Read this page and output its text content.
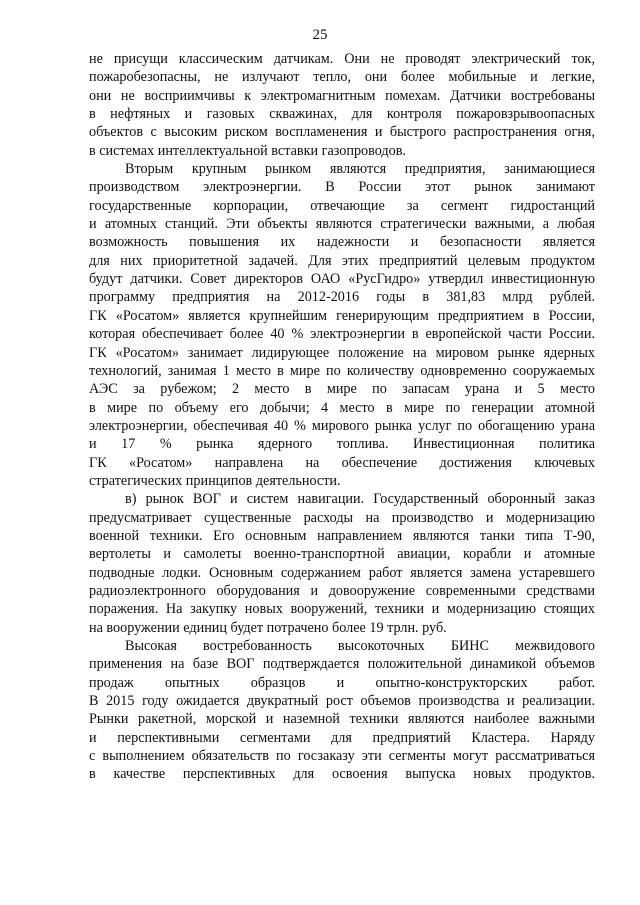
25
не присущи классическим датчикам. Они не проводят электрический ток,
пожаробезопасны, не излучают тепло, они более мобильные и легкие,
они не восприимчивы к электромагнитным помехам. Датчики востребованы
в нефтяных и газовых скважинах, для контроля пожаровзрывоопасных
объектов с высоким риском воспламенения и быстрого распространения огня,
в системах интеллектуальной вставки газопроводов.
Вторым крупным рынком являются предприятия, занимающиеся
производством электроэнергии. В России этот рынок занимают
государственные корпорации, отвечающие за сегмент гидростанций
и атомных станций. Эти объекты являются стратегически важными, а любая
возможность повышения их надежности и безопасности является
для них приоритетной задачей. Для этих предприятий целевым продуктом
будут датчики. Совет директоров ОАО «РусГидро» утвердил инвестиционную
программу предприятия на 2012-2016 годы в 381,83 млрд рублей.
ГК «Росатом» является крупнейшим генерирующим предприятием в России,
которая обеспечивает более 40 % электроэнергии в европейской части России.
ГК «Росатом» занимает лидирующее положение на мировом рынке ядерных
технологий, занимая 1 место в мире по количеству одновременно сооружаемых
АЭС за рубежом; 2 место в мире по запасам урана и 5 место
в мире по объему его добычи; 4 место в мире по генерации атомной
электроэнергии, обеспечивая 40 % мирового рынка услуг по обогащению урана
и 17 % рынка ядерного топлива. Инвестиционная политика
ГК «Росатом» направлена на обеспечение достижения ключевых
стратегических принципов деятельности.
в) рынок ВОГ и систем навигации. Государственный оборонный заказ
предусматривает существенные расходы на производство и модернизацию
военной техники. Его основным направлением являются танки типа Т-90,
вертолеты и самолеты военно-транспортной авиации, корабли и атомные
подводные лодки. Основным содержанием работ является замена устаревшего
радиоэлектронного оборудования и довооружение современными средствами
поражения. На закупку новых вооружений, техники и модернизацию стоящих
на вооружении единиц будет потрачено более 19 трлн. руб.
Высокая востребованность высокоточных БИНС межвидового
применения на базе ВОГ подтверждается положительной динамикой объемов
продаж опытных образцов и опытно-конструкторских работ.
В 2015 году ожидается двукратный рост объемов производства и реализации.
Рынки ракетной, морской и наземной техники являются наиболее важными
и перспективными сегментами для предприятий Кластера. Наряду
с выполнением обязательств по госзаказу эти сегменты могут рассматриваться
в качестве перспективных для освоения выпуска новых продуктов.
